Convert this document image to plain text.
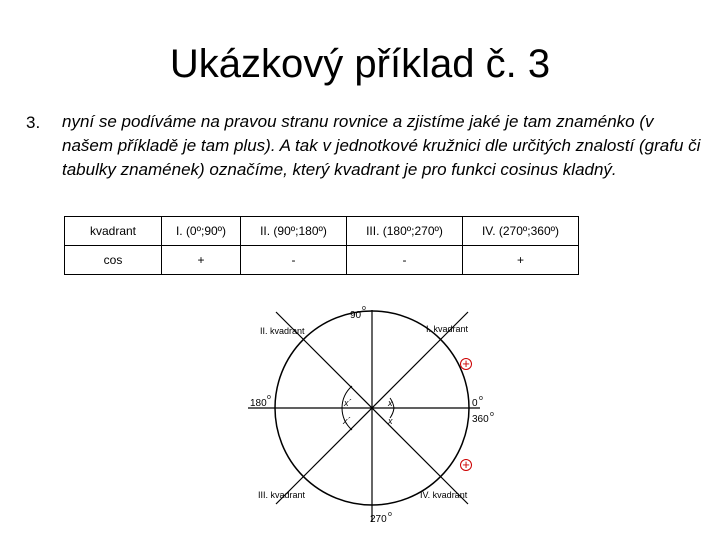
Ukázkový příklad č. 3
3. nyní se podíváme na pravou stranu rovnice a zjistíme jaké je tam znaménko (v našem příkladě je tam plus). A tak v jednotkové kružnici dle určitých znalostí (grafu či tabulky znamének) označíme, který kvadrant je pro funkci cosinus kladný.
kvadrant	I. (0º;90º)	II. (90º;180º)	III. (180º;270º)	IV. (270º;360º)
cos	+	-	-	+
90
o
180
o
0 o
360 o
270 o
I. kvadrant
II. kvadrant
III. kvadrant	IV. kvadrant
x
x
x´
x´
+
+
